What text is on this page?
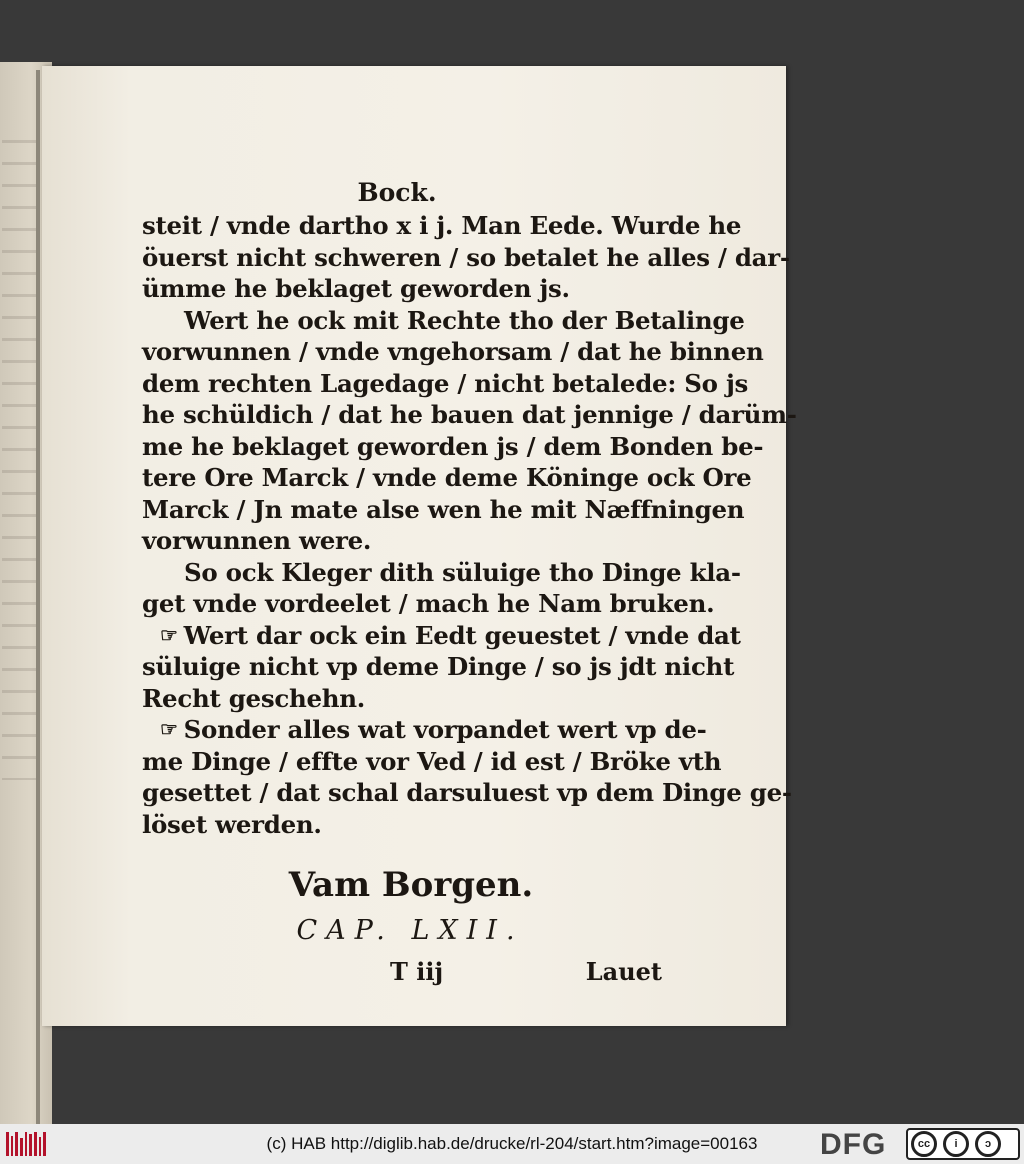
Bock.
steit / vnde dartho x i j. Man Eede. Wurde he
öuerst nicht schweren / so betalet he alles / dar-
ümme he beklaget geworden js.
Wert he ock mit Rechte tho der Betalinge
vorwunnen / vnde vngehorsam / dat he binnen
dem rechten Lagedage / nicht betalede: So js
he schüldich / dat he bauen dat jennige / darüm-
me he beklaget geworden js / dem Bonden be-
tere Ore Marck / vnde deme Köninge ock Ore
Marck / Jn mate alse wen he mit Næffningen
vorwunnen were.
So ock Kleger dith süluige tho Dinge kla-
get vnde vordeelet / mach he Nam bruken.
☞ Wert dar ock ein Eedt geuestet / vnde dat
süluige nicht vp deme Dinge / so js jdt nicht
Recht geschehn.
☞ Sonder alles wat vorpandet wert vp de-
me Dinge / effte vor Ved / id est / Bröke vth
gesettet / dat schal darsuluest vp dem Dinge ge-
löset werden.
Vam Borgen.
CAP. LXII.
T iij	Lauet
(c) HAB http://diglib.hab.de/drucke/rl-204/start.htm?image=00163	DFG	cc	i	ↄ
